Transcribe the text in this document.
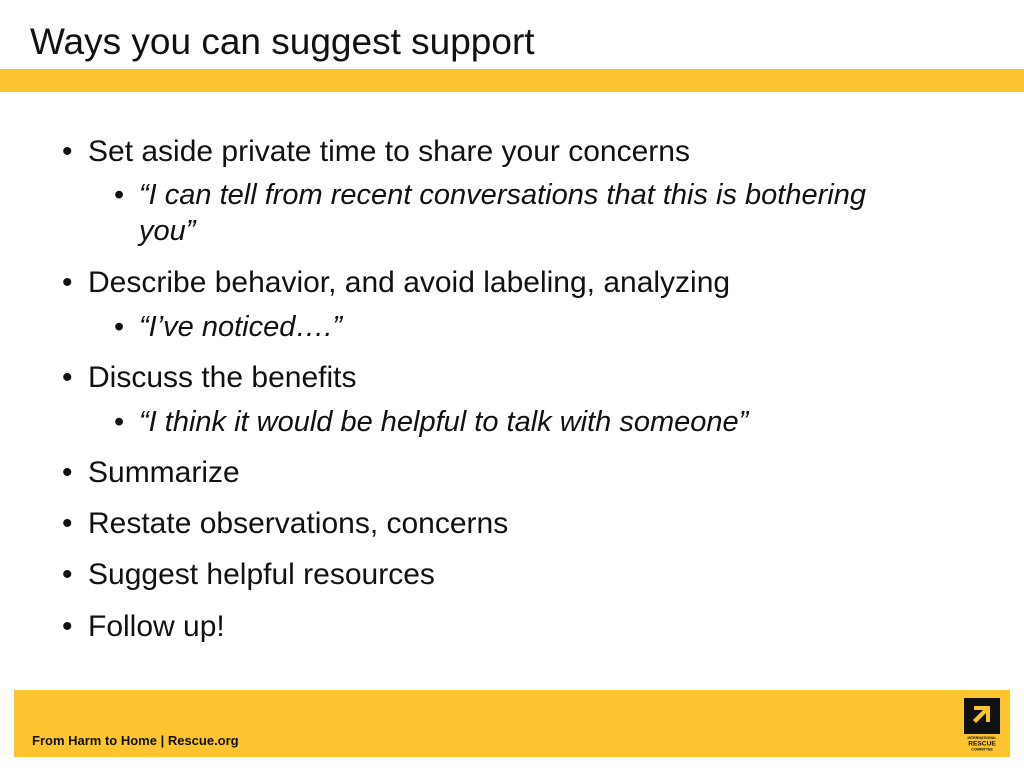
Ways you can suggest support
• Set aside private time to share your concerns
• “I can tell from recent conversations that this is bothering you”
• Describe behavior, and avoid labeling, analyzing
• “I’ve noticed….”
• Discuss the benefits
• “I think it would be helpful to talk with someone”
• Summarize
• Restate observations, concerns
• Suggest helpful resources
• Follow up!
From Harm to Home | Rescue.org	INTERNATIONAL
RESCUE
COMMITTEE
